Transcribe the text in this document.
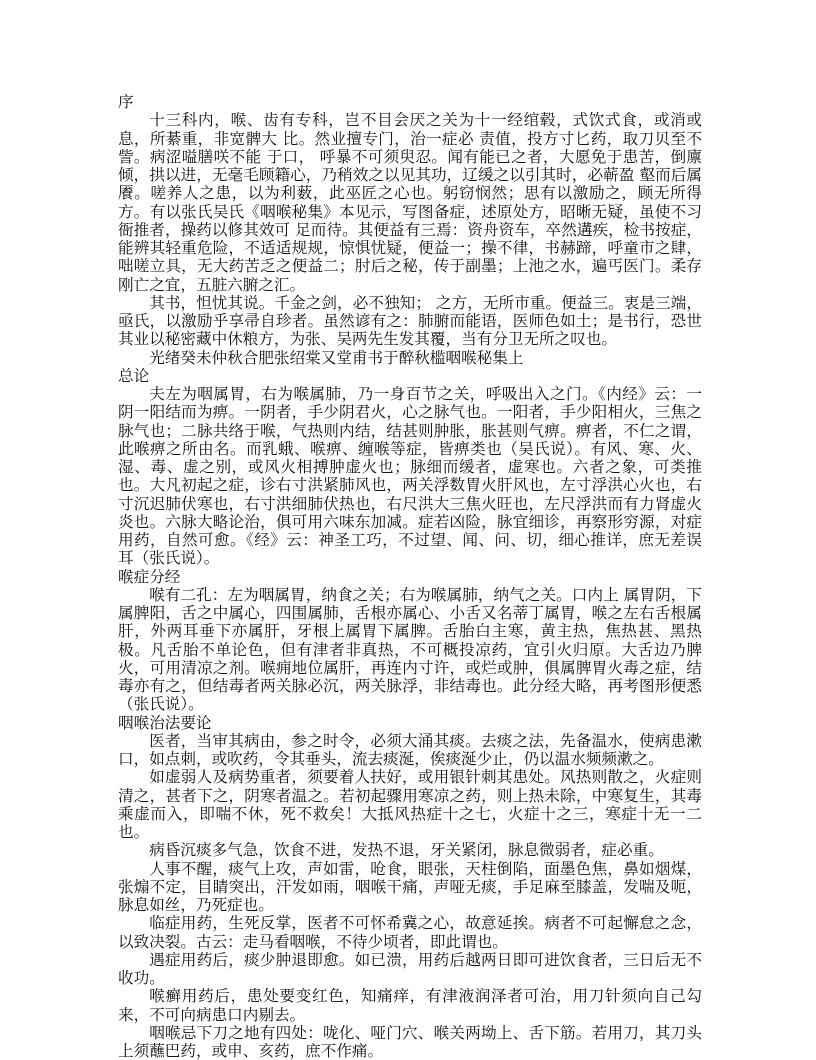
序

十三科内，喉、齿有专科，岂不目会厌之关为十一经绾毂，式饮式食，或消或息，所綦重，非宽髀大 比。然业擅专门，治一症必 责值，投方寸匕药，取刀贝至不訾。病涩嗌膳咲不能 于口， 呼暴不可须臾忍。闻有能已之者，大愿免于患苦，倒廪倾，拱以进，无毫毛顾籍心，乃稍效之以见其功，辽缓之以引其时，必蕲盈 壑而后属餍。嗟养人之患，以为利薮，此巫匠之心也。躬窃悯然；思有以激励之，顾无所得方。有以张氏吴氏《咽喉秘集》本见示，写图备症，述原处方，昭晰无疑，虽使不习衙推者，操药以修其效可 足而待。其便益有三焉：资舟资车，卒然遘疾，检书按症，能辨其轻重危险，不适适规规，惊惧忧疑，便益一；操不律，书赫蹄，呼童市之肆，咄嗟立具，无大药苦乏之便益二；肘后之秘，传于副墨；上池之水，遍丐医门。柔存刚亡之宜，五脏六腑之汇。

其书，怛忧其说。千金之剑，必不独知； 之方，无所市重。便益三。衷是三端，亟氏，以激励乎享帚自珍者。虽然谚有之：肺腑而能语，医师色如土；是书行，恐世其业以秘密藏中休粮方，为张、吴两先生发其覆，当有分卫无所之叹也。

光绪癸未仲秋合肥张绍棠又堂甫书于醉秋槛咽喉秘集上

总论

夫左为咽属胃，右为喉属肺，乃一身百节之关，呼吸出入之门。《内经》云：一阴一阳结而为痹。一阴者，手少阴君火，心之脉气也。一阳者，手少阳相火，三焦之脉气也；二脉共络于喉，气热则内结，结甚则肿胀，胀甚则气痹。痹者，不仁之谓，此喉痹之所由名。而乳蛾、喉痹、缠喉等症，皆痹类也（吴氏说）。有风、寒、火、湿、毒、虚之别，或风火相搏肿虚火也；脉细而缓者，虚寒也。六者之象，可类推也。大凡初起之症，诊右寸洪紧肺风也，两关浮数胃火肝风也，左寸浮洪心火也，右寸沉迟肺伏寒也，右寸洪细肺伏热也，右尺洪大三焦火旺也，左尺浮洪而有力肾虚火炎也。六脉大略论治，俱可用六味东加减。症若凶险，脉宜细诊，再察形穷源，对症用药，自然可愈。《经》云：神圣工巧，不过望、闻、问、切，细心推详，庶无差误耳（张氏说）。

喉症分经

喉有二孔：左为咽属胃，纳食之关；右为喉属肺，纳气之关。口内上 属胃阴，下 属脾阳，舌之中属心，四围属肺，舌根亦属心、小舌又名蒂丁属胃，喉之左右舌根属肝，外两耳垂下亦属肝，牙根上属胃下属脾。舌胎白主寒，黄主热，焦热甚、黑热极。凡舌胎不单论色，但有津者非真热，不可概投凉药，宜引火归原。大舌边乃脾火，可用清凉之剂。喉痈地位属肝，再连内寸许，或烂或肿，俱属脾胃火毒之症，结毒亦有之，但结毒者两关脉必沉，两关脉浮，非结毒也。此分经大略，再考图形便悉（张氏说）。

咽喉治法要论

医者，当审其病由，参之时令，必须大涌其痰。去痰之法，先备温水，使病患漱口，如点刺，或吹药，令其垂头，流去痰涎，俟痰涎少止，仍以温水频频漱之。

如虚弱人及病势重者，须要着人扶好，或用银针刺其患处。风热则散之，火症则清之，甚者下之，阴寒者温之。若初起骤用寒凉之药，则上热未除，中寒复生，其毒乘虚而入，即喘不休，死不救矣！大抵风热症十之七，火症十之三，寒症十无一二也。

病昏沉痰多气急，饮食不进，发热不退，牙关紧闭，脉息微弱者，症必重。

人事不醒，痰气上攻，声如雷，呛食，眼张，天柱倒陷，面墨色焦，鼻如烟煤，张煽不定，目睛突出，汗发如雨，咽喉干痛，声哑无痰，手足麻至膝盖，发喘及呃，脉息如丝，乃死症也。

临症用药，生死反掌，医者不可怀希冀之心，故意延挨。病者不可起懈怠之念，以致决裂。古云：走马看咽喉，不待少顷者，即此谓也。

遇症用药后，痰少肿退即愈。如已溃，用药后越两日即可进饮食者，三日后无不收功。

喉癣用药后，患处要变红色，知痛痒，有津液润泽者可治，用刀针须向自己勾来，不可向病患口内剔去。

咽喉忌下刀之地有四处：咙化、哑门穴、喉关两坳上、舌下筋。若用刀，其刀头上须蘸巴药，或申、亥药，庶不作痛。
